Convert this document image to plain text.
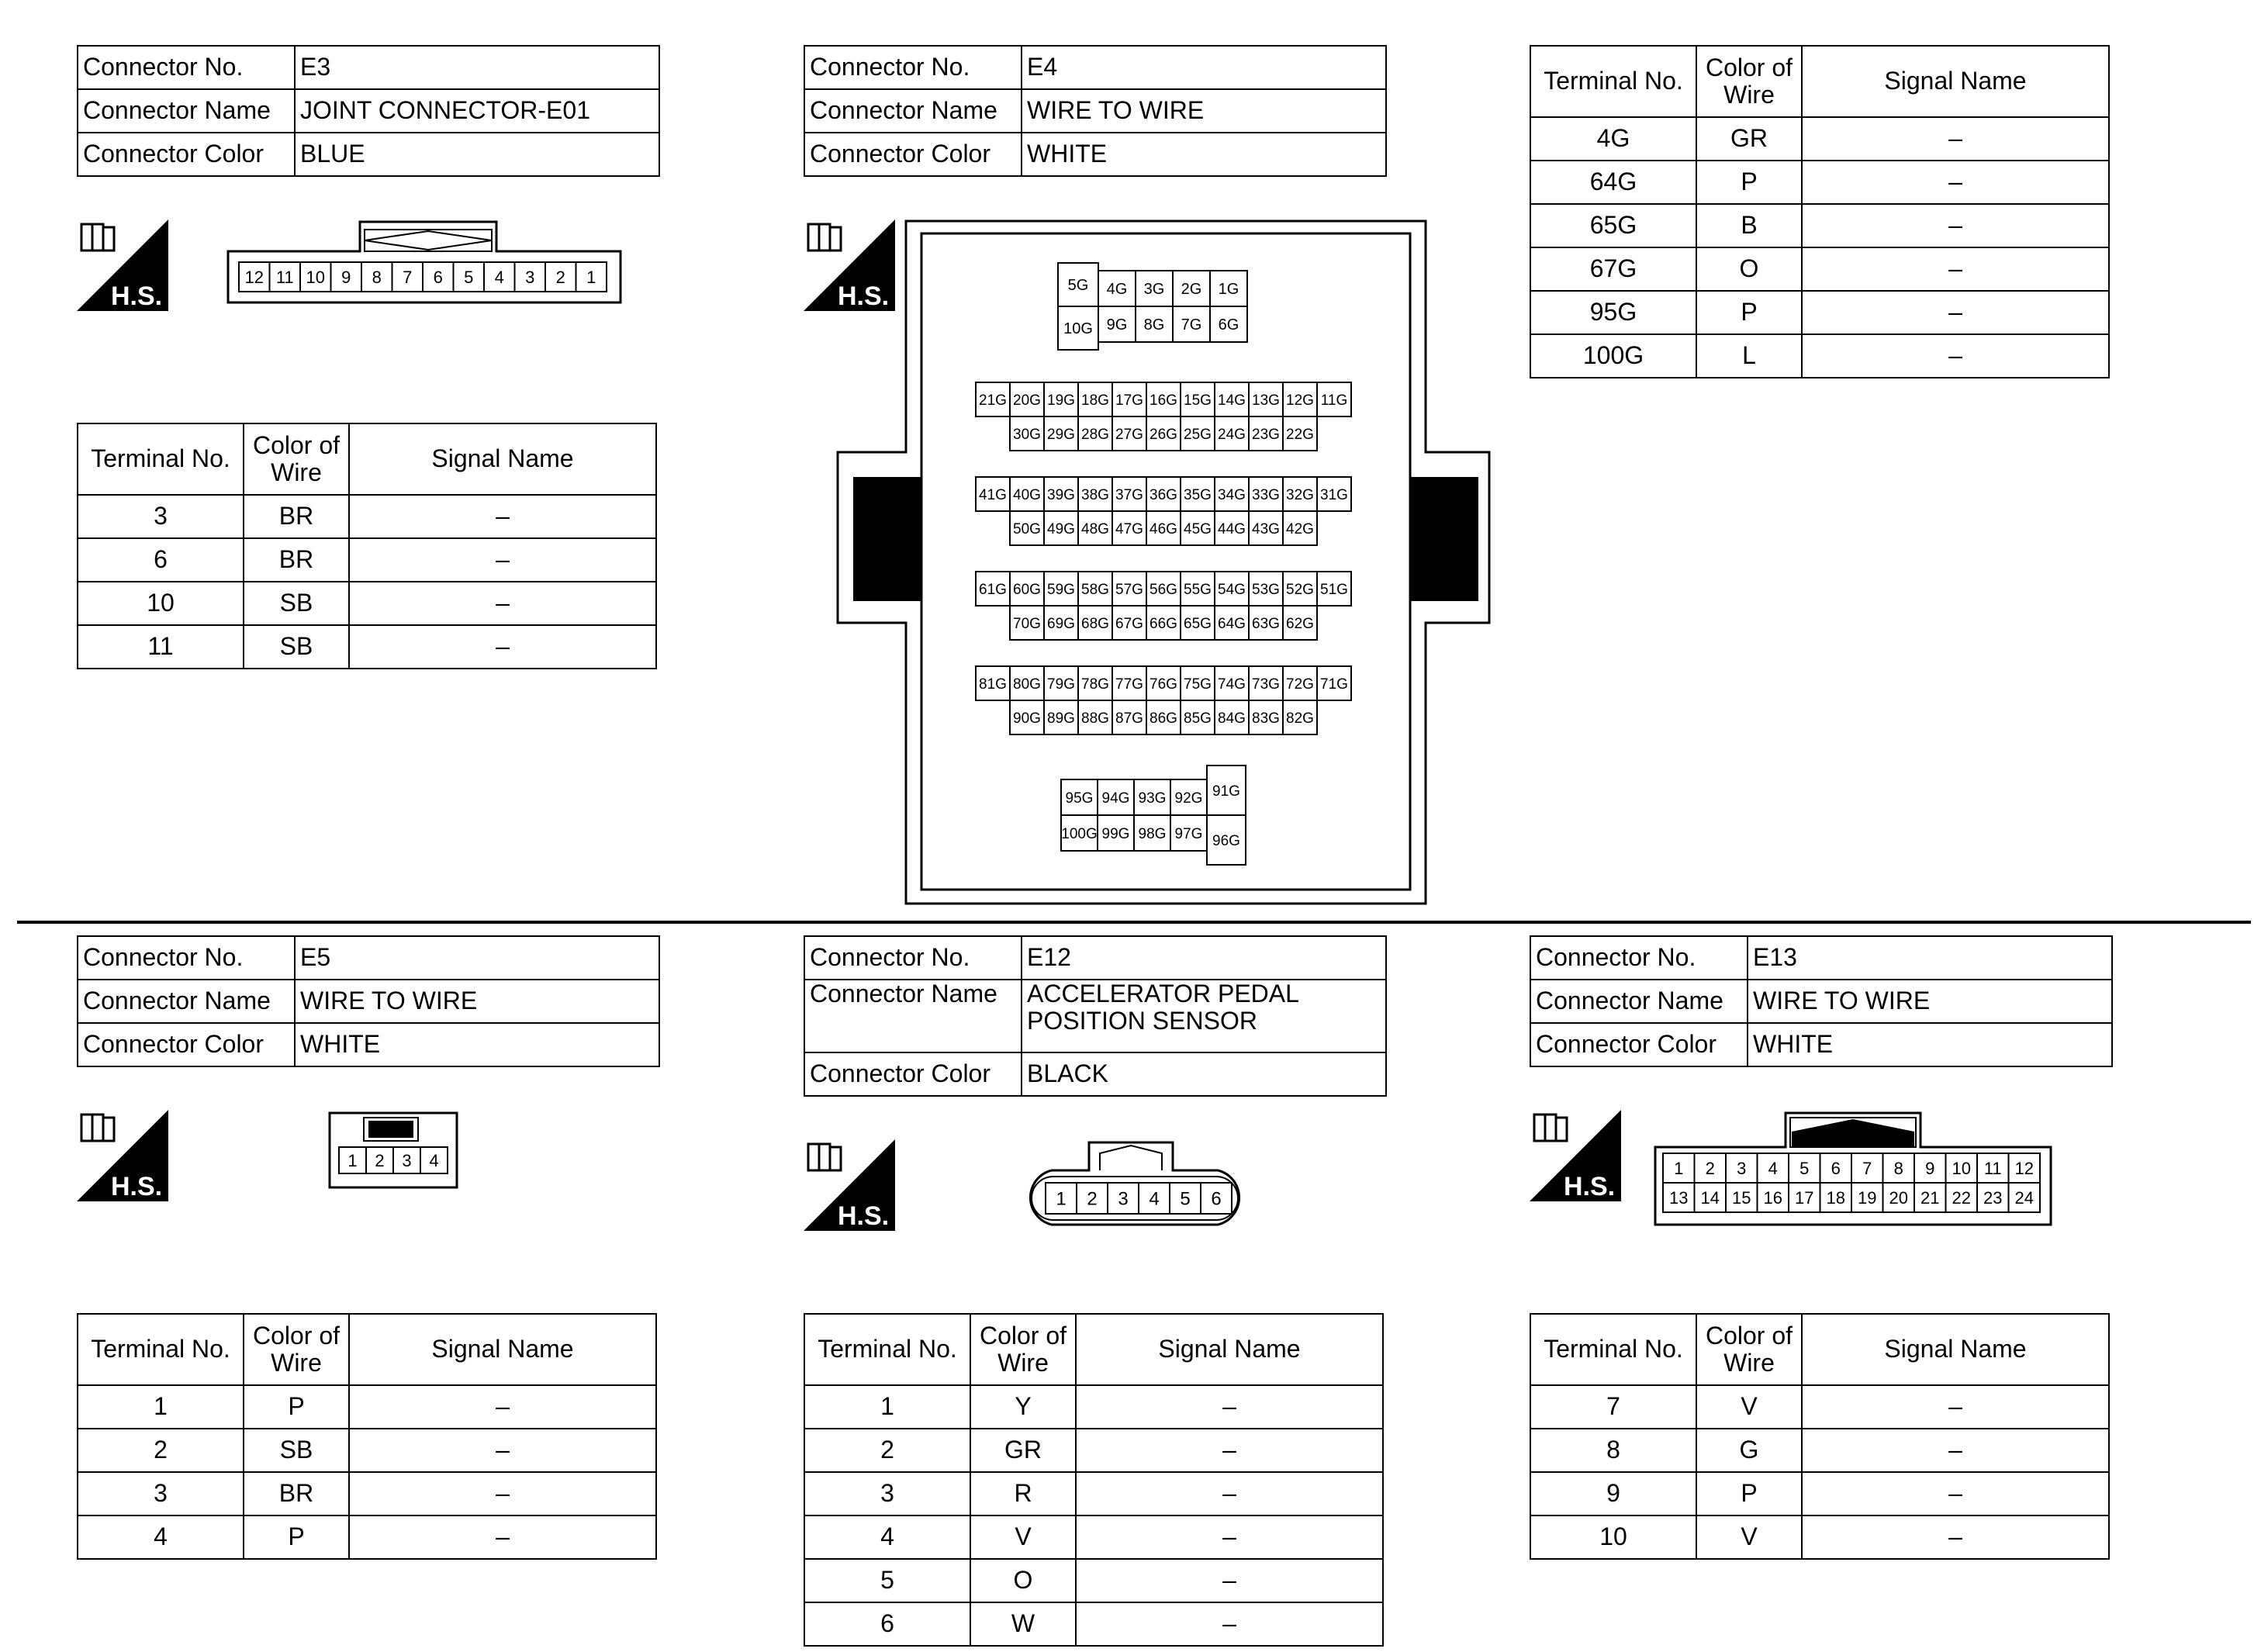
Connector No.	E3
Connector Name	JOINT CONNECTOR-E01
Connector Color	BLUE
H.S.
12 11 10 9 8 7 6 5 4 3 2 1
Terminal No.	Color of Wire	Signal Name
3	BR	–
6	BR	–
10	SB	–
11	SB	–
Connector No.	E4
Connector Name	WIRE TO WIRE
Connector Color	WHITE
H.S.	5G 4G 3G 2G 1G
10G 9G 8G 7G 6G
21G 20G 19G 18G 17G 16G 15G 14G 13G 12G 11G
30G 29G 28G 27G 26G 25G 24G 23G 22G
41G 40G 39G 38G 37G 36G 35G 34G 33G 32G 31G
50G 49G 48G 47G 46G 45G 44G 43G 42G
61G 60G 59G 58G 57G 56G 55G 54G 53G 52G 51G
70G 69G 68G 67G 66G 65G 64G 63G 62G
81G 80G 79G 78G 77G 76G 75G 74G 73G 72G 71G
90G 89G 88G 87G 86G 85G 84G 83G 82G
95G 94G 93G 92G 91G
100G 99G 98G 97G 96G
Terminal No.	Color of Wire	Signal Name
4G	GR	–
64G	P	–
65G	B	–
67G	O	–
95G	P	–
100G	L	–
Connector No.	E5
Connector Name	WIRE TO WIRE
Connector Color	WHITE
H.S.
1 2 3 4
Terminal No.	Color of Wire	Signal Name
1	P	–
2	SB	–
3	BR	–
4	P	–
Connector No.	E12
Connector Name	ACCELERATOR PEDAL
POSITION SENSOR

Connector Color	BLACK
H.S.
1 2 3 4 5 6
Terminal No.	Color of Wire	Signal Name
1	Y	–
2	GR	–
3	R	–
4	V	–
5	O	–
6	W	–
Connector No.	E13
Connector Name	WIRE TO WIRE
Connector Color	WHITE
H.S.
1 2 3 4 5 6 7 8 9 10 11 12
13 14 15 16 17 18 19 20 21 22 23 24
Terminal No.	Color of Wire	Signal Name
7	V	–
8	G	–
9	P	–
10	V	–
